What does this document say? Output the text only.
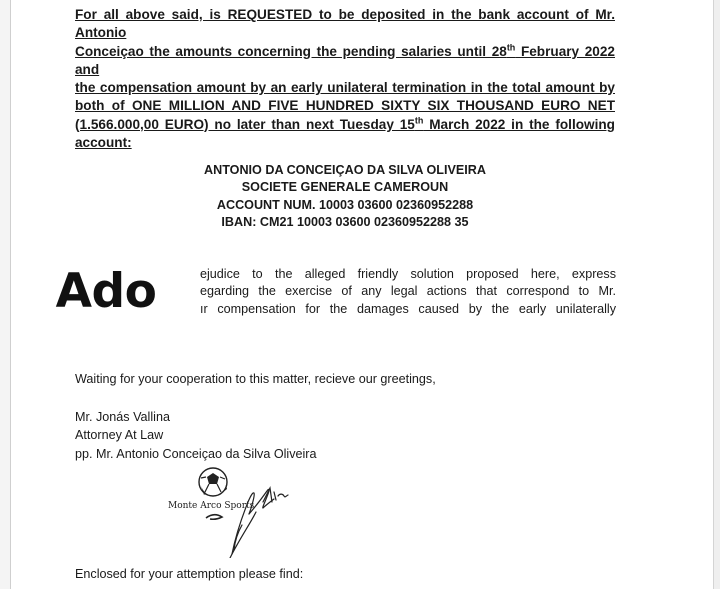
For all above said, is REQUESTED to be deposited in the bank account of Mr. Antonio
Conceiçao the amounts concerning the pending salaries until 28th February 2022 and
the compensation amount by an early unilateral termination in the total amount by
both of ONE MILLION AND FIVE HUNDRED SIXTY SIX THOUSAND EURO NET
(1.566.000,00 EURO) no later than next Tuesday 15th March 2022 in the following
account:
ANTONIO DA CONCEIÇAO DA SILVA OLIVEIRA
SOCIETE GENERALE CAMEROUN
ACCOUNT NUM. 10003 03600 02360952288
IBAN: CM21 10003 03600 02360952288 35
Ado	ejudice to the alleged friendly solution proposed here, express
egarding the exercise of any legal actions that correspond to Mr.
ır compensation for the damages caused by the early unilaterally
Waiting for your cooperation to this matter, recieve our greetings,
Mr. Jonás Vallina
Attorney At Law
pp. Mr. Antonio Conceiçao da Silva Oliveira
Monte Arco Sports
Enclosed for your attemption please find:
